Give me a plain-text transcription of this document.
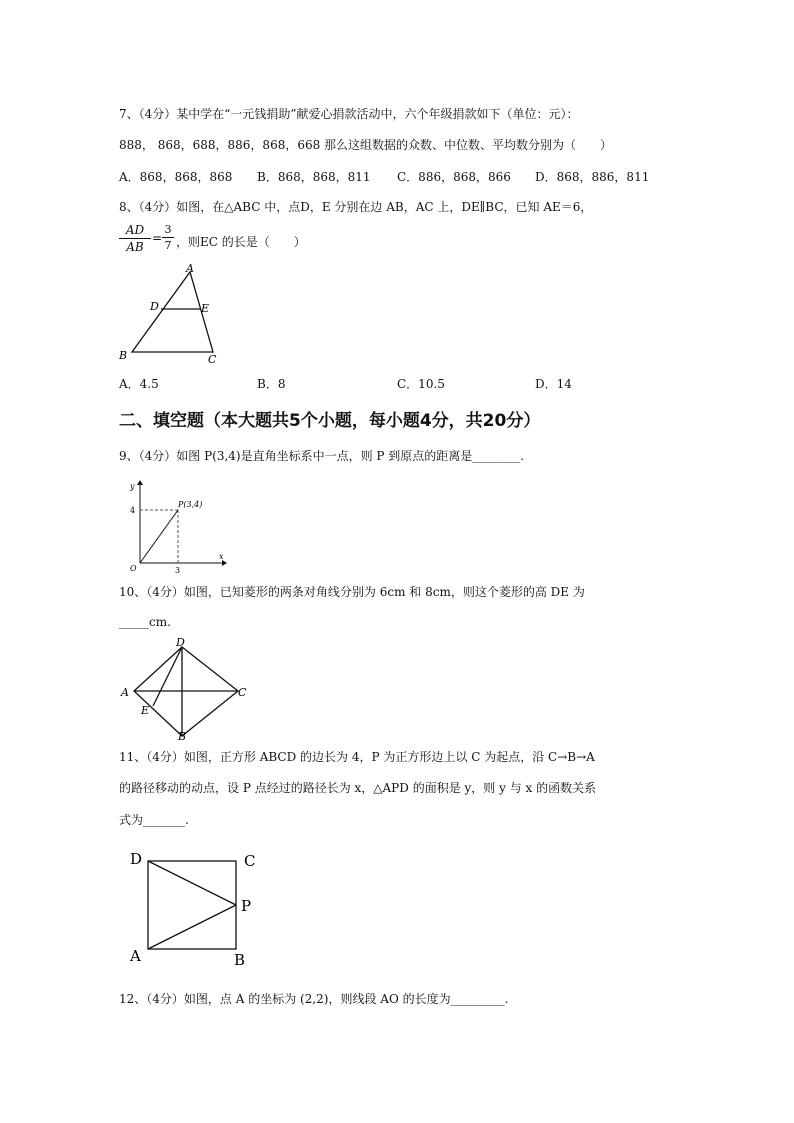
7、（4分）某中学在“一元钱捐助”献爱心捐款活动中，六个年级捐款如下（单位：元）：
888， 868，688，886，868，668 那么这组数据的众数、中位数、平均数分别为（　　）
A．868，868，868 B．868，868，811 C．886，868，866 D．868，886，811
8、（4分）如图，在△ABC 中，点D，E 分别在边 AB，AC 上，DE∥BC，已知 AE＝6，
AD
AB
=
3
7 ，则EC 的长是（　　）
A
D	E
B	C
A．4.5	B．8	C．10.5	D．14
二、填空题（本大题共5个小题，每小题4分，共20分）
9、（4分）如图 P(3,4)是直角坐标系中一点，则 P 到原点的距离是________.
y
x
O
4
3
P(3,4)
10、（4分）如图，已知菱形的两条对角线分别为 6cm 和 8cm，则这个菱形的高 DE 为
_____cm.
D
A	C
E
B
11、（4分）如图，正方形 ABCD 的边长为 4，P 为正方形边上以 C 为起点，沿 C→B→A
的路径移动的动点，设 P 点经过的路径长为 x，△APD 的面积是 y，则 y 与 x 的函数关系
式为_______.
D	C
P
A	B
12、（4分）如图，点 A 的坐标为 (2,2)，则线段 AO 的长度为_________.
